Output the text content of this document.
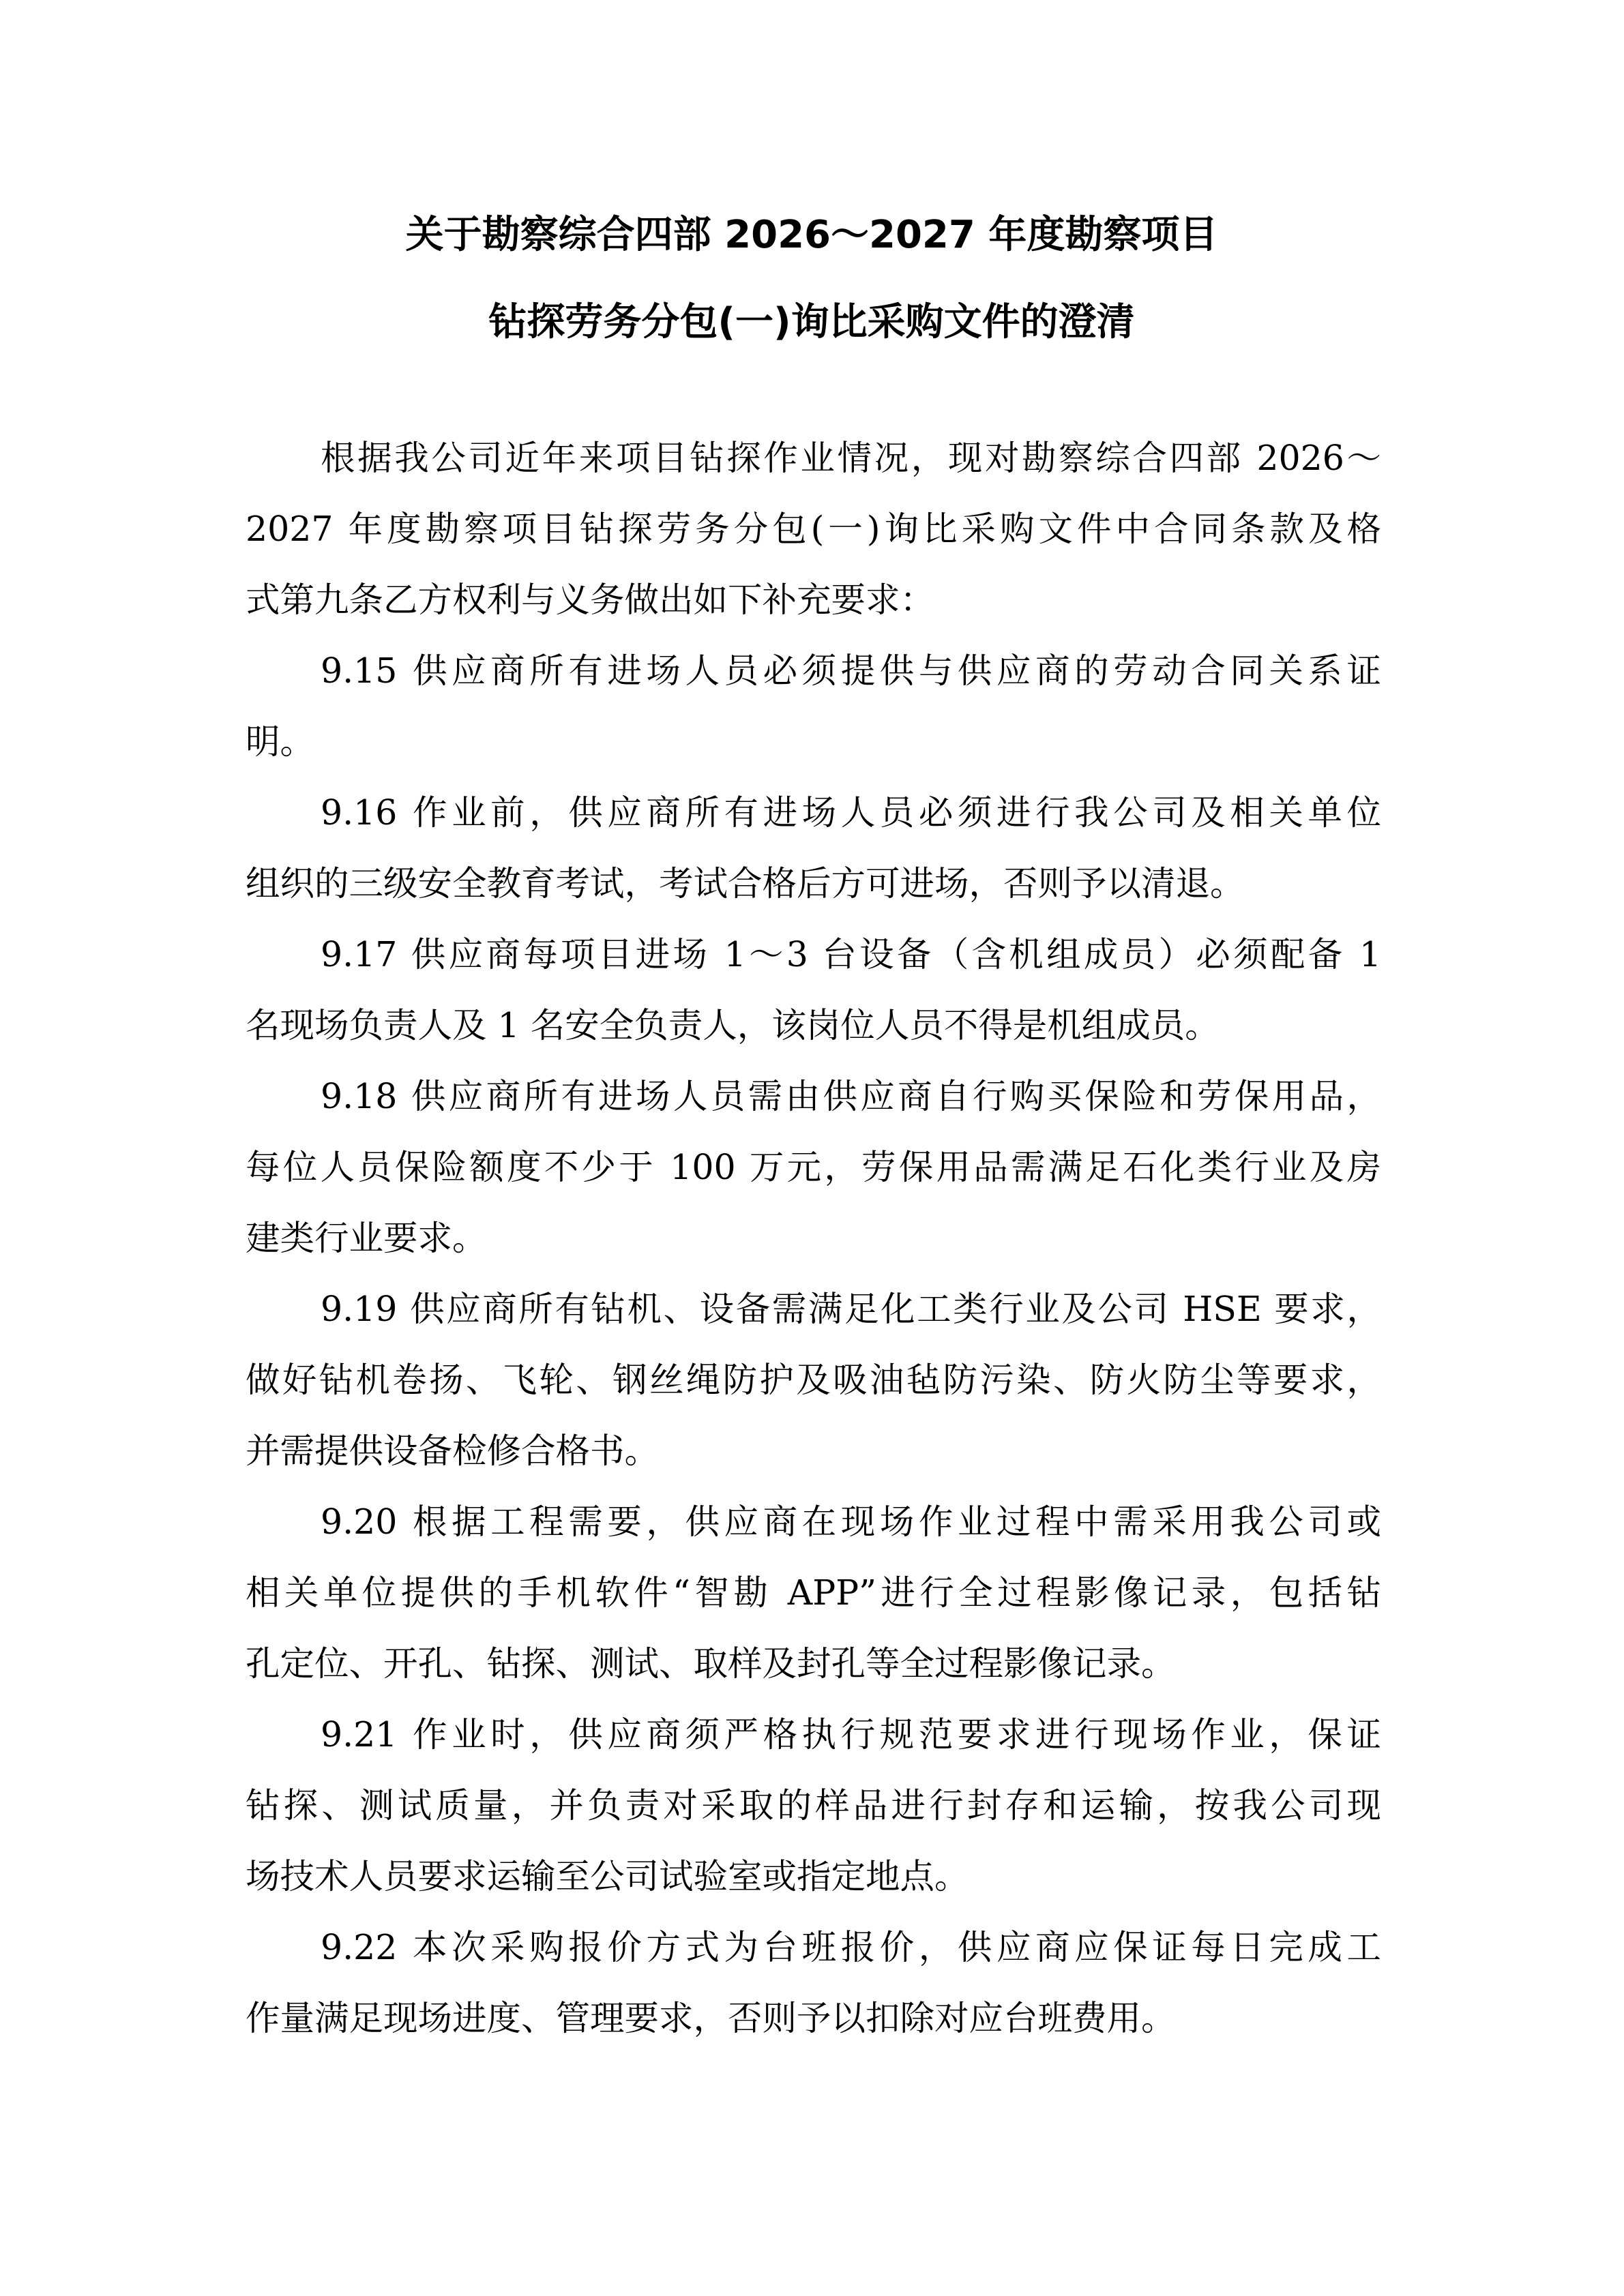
关于勘察综合四部 2026～2027 年度勘察项目
钻探劳务分包(一)询比采购文件的澄清
根据我公司近年来项目钻探作业情况，现对勘察综合四部 2026～
2027 年度勘察项目钻探劳务分包(一)询比采购文件中合同条款及格
式第九条乙方权利与义务做出如下补充要求：
9.15 供应商所有进场人员必须提供与供应商的劳动合同关系证
明。
9.16 作业前，供应商所有进场人员必须进行我公司及相关单位
组织的三级安全教育考试，考试合格后方可进场，否则予以清退。
9.17 供应商每项目进场 1～3 台设备（含机组成员）必须配备 1
名现场负责人及 1 名安全负责人，该岗位人员不得是机组成员。
9.18 供应商所有进场人员需由供应商自行购买保险和劳保用品，
每位人员保险额度不少于 100 万元，劳保用品需满足石化类行业及房
建类行业要求。
9.19 供应商所有钻机、设备需满足化工类行业及公司 HSE 要求，
做好钻机卷扬、飞轮、钢丝绳防护及吸油毡防污染、防火防尘等要求，
并需提供设备检修合格书。
9.20 根据工程需要，供应商在现场作业过程中需采用我公司或
相关单位提供的手机软件“智勘 APP”进行全过程影像记录，包括钻
孔定位、开孔、钻探、测试、取样及封孔等全过程影像记录。
9.21 作业时，供应商须严格执行规范要求进行现场作业，保证
钻探、测试质量，并负责对采取的样品进行封存和运输，按我公司现
场技术人员要求运输至公司试验室或指定地点。
9.22 本次采购报价方式为台班报价，供应商应保证每日完成工
作量满足现场进度、管理要求，否则予以扣除对应台班费用。
